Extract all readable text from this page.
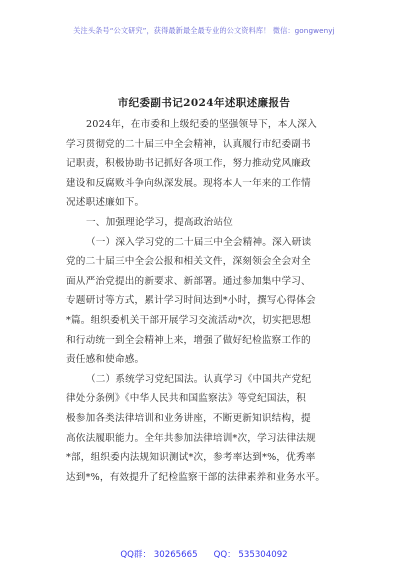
关注头条号“公文研究”，获得最新最全最专业的公文资料库！ 微信：gongwenyj
市纪委副书记2024年述职述廉报告
2024年，在市委和上级纪委的坚强领导下，本人深入
学习贯彻党的二十届三中全会精神，认真履行市纪委副书
记职责，积极协助书记抓好各项工作，努力推动党风廉政
建设和反腐败斗争向纵深发展。现将本人一年来的工作情
况述职述廉如下。
一、加强理论学习，提高政治站位
（一）深入学习党的二十届三中全会精神。深入研读
党的二十届三中全会公报和相关文件，深刻领会全会对全
面从严治党提出的新要求、新部署。通过参加集中学习、
专题研讨等方式，累计学习时间达到*小时，撰写心得体会
*篇。组织委机关干部开展学习交流活动*次，切实把思想
和行动统一到全会精神上来，增强了做好纪检监察工作的
责任感和使命感。
（二）系统学习党纪国法。认真学习《中国共产党纪
律处分条例》《中华人民共和国监察法》等党纪国法，积
极参加各类法律培训和业务讲座，不断更新知识结构，提
高依法履职能力。全年共参加法律培训*次，学习法律法规
*部，组织委内法规知识测试*次，参考率达到*%，优秀率
达到*%，有效提升了纪检监察干部的法律素养和业务水平。
QQ群： 30265665 QQ： 535304092
